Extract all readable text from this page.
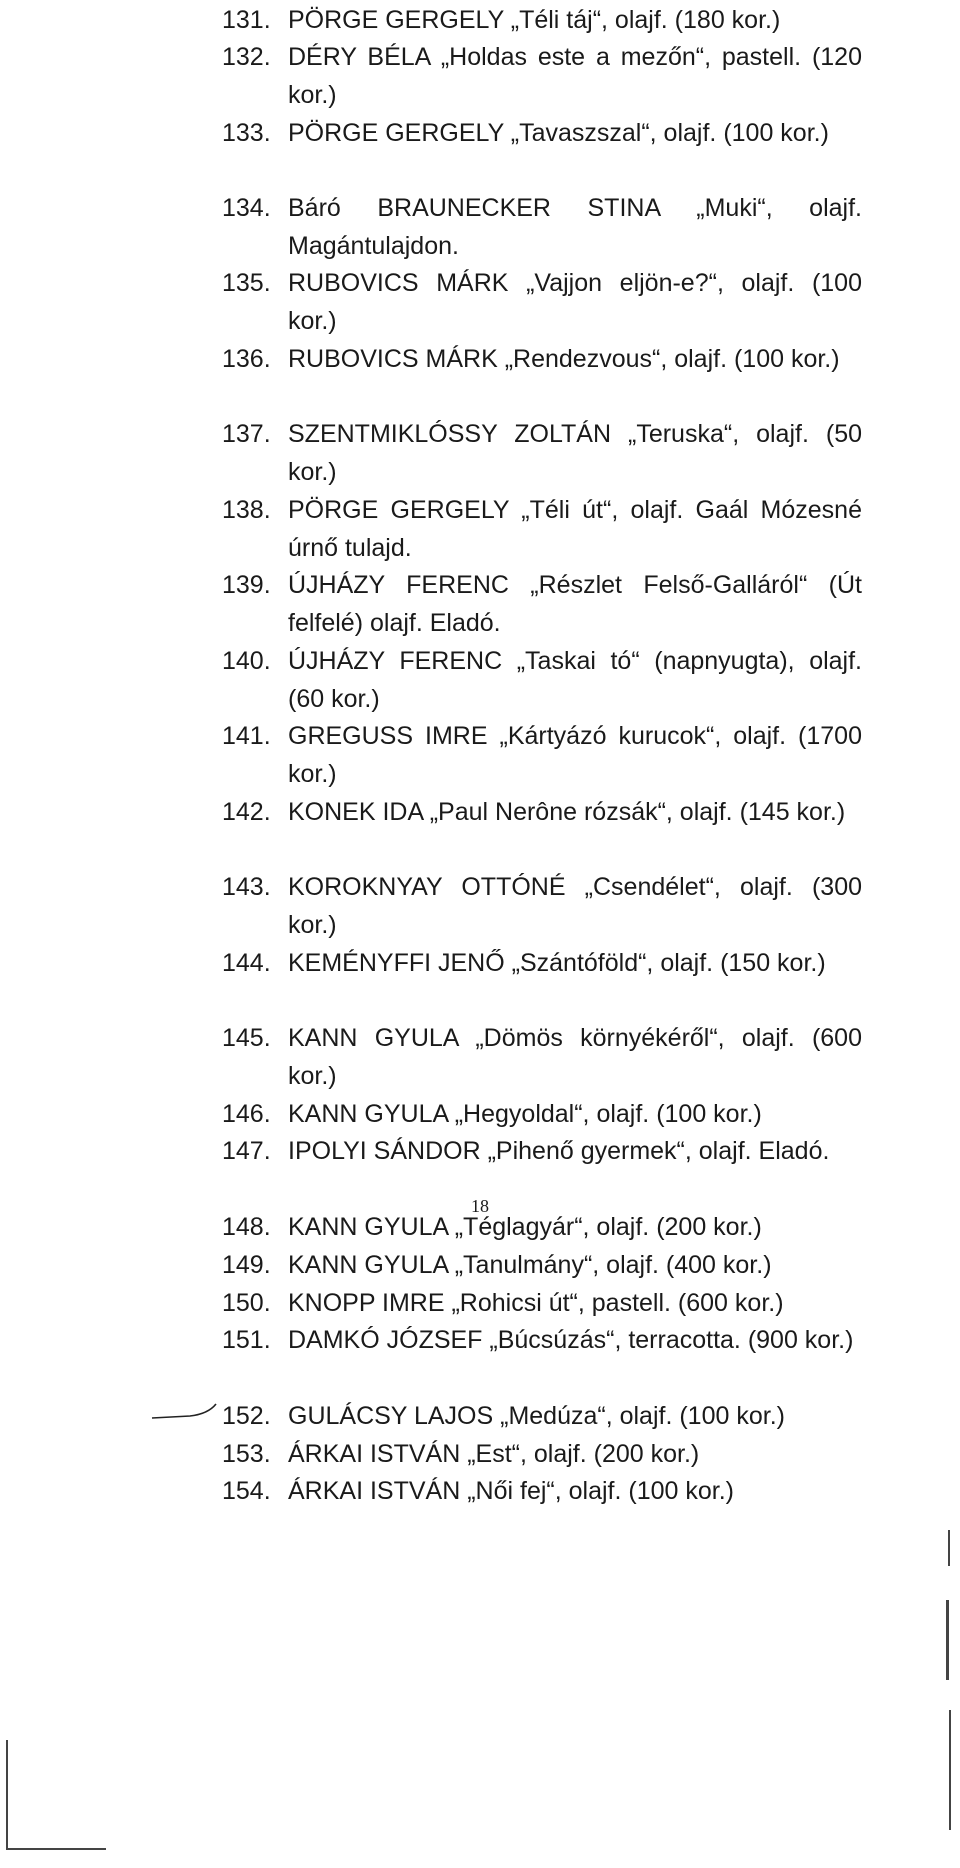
131. PÖRGE GERGELY „Téli táj“, olajf. (180 kor.)
132. DÉRY BÉLA „Holdas este a mezőn“, pastell. (120 kor.)
133. PÖRGE GERGELY „Tavaszszal“, olajf. (100 kor.)
134. Báró BRAUNECKER STINA „Muki“, olajf. Magántulajdon.
135. RUBOVICS MÁRK „Vajjon eljön-e?“, olajf. (100 kor.)
136. RUBOVICS MÁRK „Rendezvous“, olajf. (100 kor.)
137. SZENTMIKLÓSSY ZOLTÁN „Teruska“, olajf. (50 kor.)
138. PÖRGE GERGELY „Téli út“, olajf. Gaál Mózesné úrnő tulajd.
139. ÚJHÁZY FERENC „Részlet Felső-Galláról“ (Út felfelé) olajf. Eladó.
140. ÚJHÁZY FERENC „Taskai tó“ (napnyugta), olajf. (60 kor.)
141. GREGUSS IMRE „Kártyázó kurucok“, olajf. (1700 kor.)
142. KONEK IDA „Paul Nerône rózsák“, olajf. (145 kor.)
143. KOROKNYAY OTTÓNÉ „Csendélet“, olajf. (300 kor.)
144. KEMÉNYFFI JENŐ „Szántóföld“, olajf. (150 kor.)
145. KANN GYULA „Dömös környékéről“, olajf. (600 kor.)
146. KANN GYULA „Hegyoldal“, olajf. (100 kor.)
147. IPOLYI SÁNDOR „Pihenő gyermek“, olajf. Eladó.
148. KANN GYULA „Téglagyár“, olajf. (200 kor.)
149. KANN GYULA „Tanulmány“, olajf. (400 kor.)
150. KNOPP IMRE „Rohicsi út“, pastell. (600 kor.)
151. DAMKÓ JÓZSEF „Búcsúzás“, terracotta. (900 kor.)
152. GULÁCSY LAJOS „Medúza“, olajf. (100 kor.)
153. ÁRKAI ISTVÁN „Est“, olajf. (200 kor.)
154. ÁRKAI ISTVÁN „Női fej“, olajf. (100 kor.)
18
